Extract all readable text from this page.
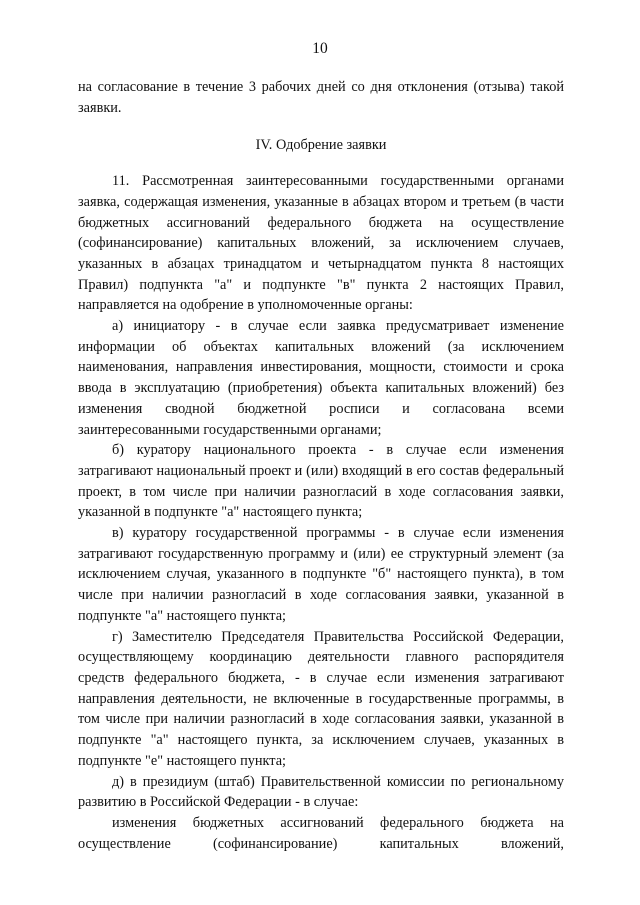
10

на согласование в течение 3 рабочих дней со дня отклонения (отзыва) такой заявки.

IV. Одобрение заявки

11. Рассмотренная заинтересованными государственными органами заявка, содержащая изменения, указанные в абзацах втором и третьем (в части бюджетных ассигнований федерального бюджета на осуществление (софинансирование) капитальных вложений, за исключением случаев, указанных в абзацах тринадцатом и четырнадцатом пункта 8 настоящих Правил) подпункта "а" и подпункте "в" пункта 2 настоящих Правил, направляется на одобрение в уполномоченные органы:

а) инициатору - в случае если заявка предусматривает изменение информации об объектах капитальных вложений (за исключением наименования, направления инвестирования, мощности, стоимости и срока ввода в эксплуатацию (приобретения) объекта капитальных вложений) без изменения сводной бюджетной росписи и согласована всеми заинтересованными государственными органами;

б) куратору национального проекта - в случае если изменения затрагивают национальный проект и (или) входящий в его состав федеральный проект, в том числе при наличии разногласий в ходе согласования заявки, указанной в подпункте "а" настоящего пункта;

в) куратору государственной программы - в случае если изменения затрагивают государственную программу и (или) ее структурный элемент (за исключением случая, указанного в подпункте "б" настоящего пункта), в том числе при наличии разногласий в ходе согласования заявки, указанной в подпункте "а" настоящего пункта;

г) Заместителю Председателя Правительства Российской Федерации, осуществляющему координацию деятельности главного распорядителя средств федерального бюджета, - в случае если изменения затрагивают направления деятельности, не включенные в государственные программы, в том числе при наличии разногласий в ходе согласования заявки, указанной в подпункте "а" настоящего пункта, за исключением случаев, указанных в подпункте "е" настоящего пункта;

д) в президиум (штаб) Правительственной комиссии по региональному развитию в Российской Федерации - в случае:

изменения бюджетных ассигнований федерального бюджета на осуществление (софинансирование) капитальных вложений,
